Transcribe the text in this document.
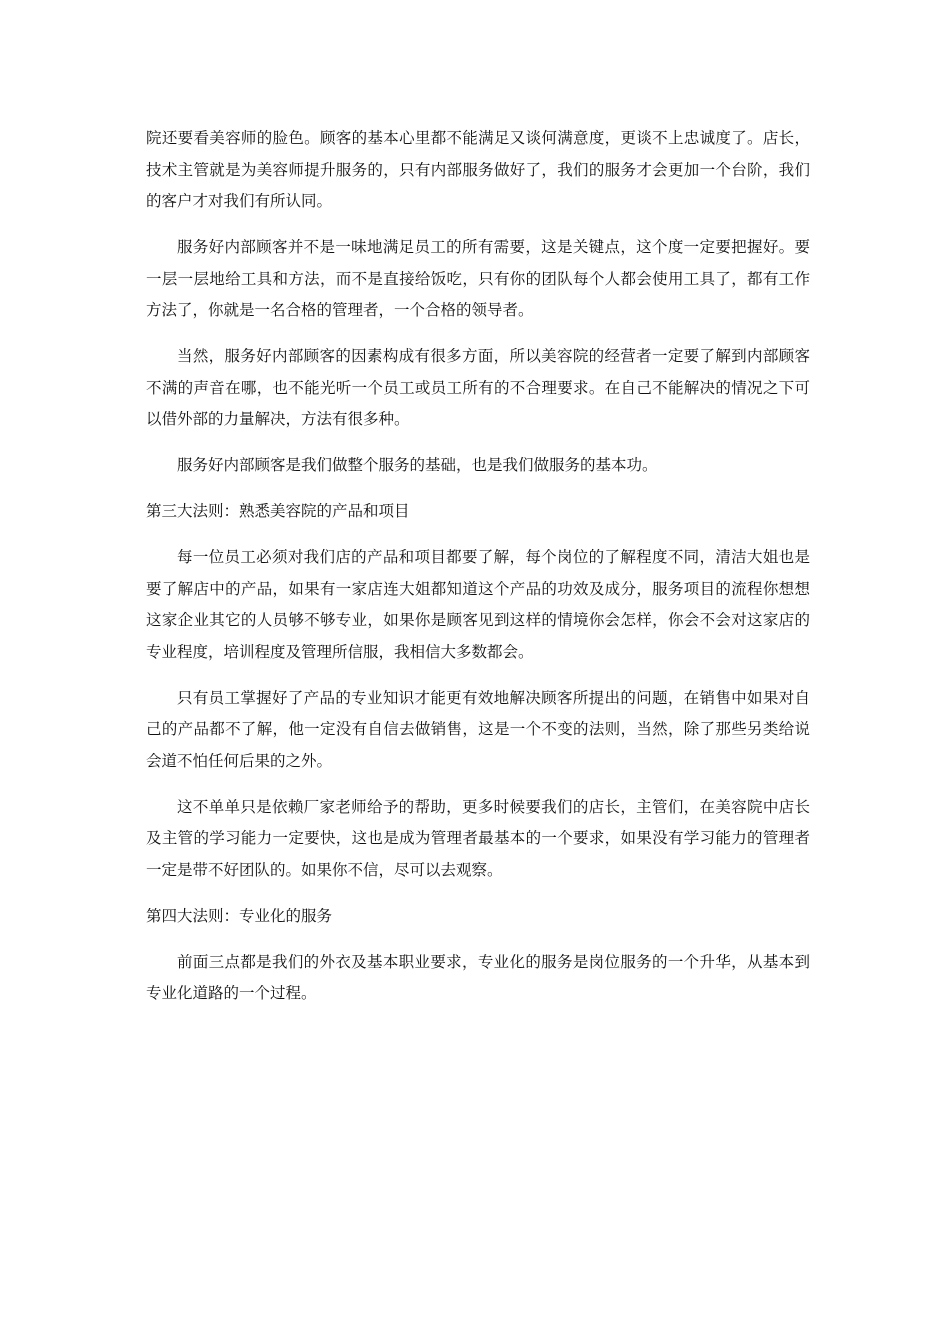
院还要看美容师的脸色。顾客的基本心里都不能满足又谈何满意度，更谈不上忠诚度了。店长，技术主管就是为美容师提升服务的，只有内部服务做好了，我们的服务才会更加一个台阶，我们的客户才对我们有所认同。

服务好内部顾客并不是一味地满足员工的所有需要，这是关键点，这个度一定要把握好。要一层一层地给工具和方法，而不是直接给饭吃，只有你的团队每个人都会使用工具了，都有工作方法了，你就是一名合格的管理者，一个合格的领导者。

当然，服务好内部顾客的因素构成有很多方面，所以美容院的经营者一定要了解到内部顾客不满的声音在哪，也不能光听一个员工或员工所有的不合理要求。在自己不能解决的情况之下可以借外部的力量解决，方法有很多种。

服务好内部顾客是我们做整个服务的基础，也是我们做服务的基本功。

第三大法则：熟悉美容院的产品和项目

每一位员工必须对我们店的产品和项目都要了解，每个岗位的了解程度不同，清洁大姐也是要了解店中的产品，如果有一家店连大姐都知道这个产品的功效及成分，服务项目的流程你想想这家企业其它的人员够不够专业，如果你是顾客见到这样的情境你会怎样，你会不会对这家店的专业程度，培训程度及管理所信服，我相信大多数都会。

只有员工掌握好了产品的专业知识才能更有效地解决顾客所提出的问题，在销售中如果对自己的产品都不了解，他一定没有自信去做销售，这是一个不变的法则，当然，除了那些另类给说会道不怕任何后果的之外。

这不单单只是依赖厂家老师给予的帮助，更多时候要我们的店长，主管们，在美容院中店长及主管的学习能力一定要快，这也是成为管理者最基本的一个要求，如果没有学习能力的管理者一定是带不好团队的。如果你不信，尽可以去观察。

第四大法则：专业化的服务

前面三点都是我们的外衣及基本职业要求，专业化的服务是岗位服务的一个升华，从基本到专业化道路的一个过程。
